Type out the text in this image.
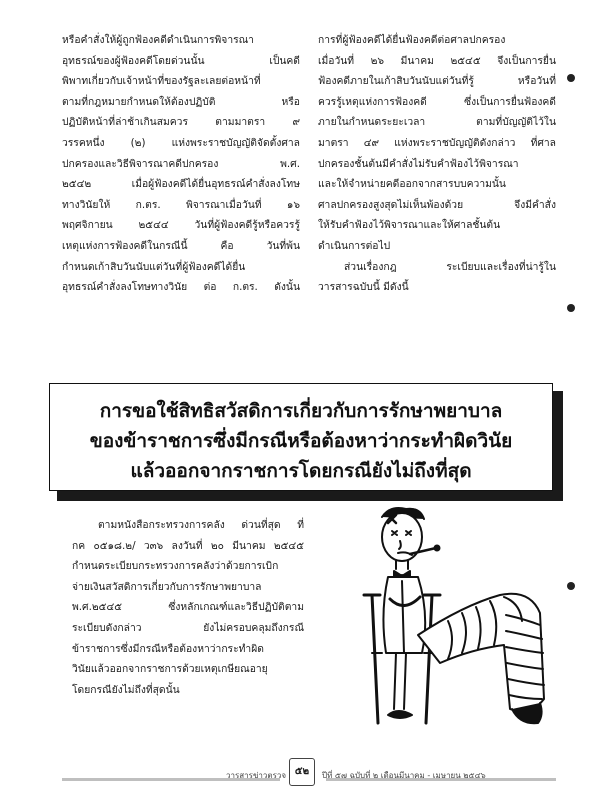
หรือคำสั่งให้ผู้ถูกฟ้องคดีดำเนินการพิจารณา

อุทธรณ์ของผู้ฟ้องคดีโดยด่วนนั้น เป็นคดี

พิพาทเกี่ยวกับเจ้าหน้าที่ของรัฐละเลยต่อหน้าที่

ตามที่กฎหมายกำหนดให้ต้องปฏิบัติ หรือ

ปฏิบัติหน้าที่ล่าช้าเกินสมควร ตามมาตรา ๙

วรรคหนึ่ง (๒) แห่งพระราชบัญญัติจัดตั้งศาล

ปกครองและวิธีพิจารณาคดีปกครอง พ.ศ.

๒๕๔๒ เมื่อผู้ฟ้องคดีได้ยื่นอุทธรณ์คำสั่งลงโทษ

ทางวินัยให้ ก.ตร. พิจารณาเมื่อวันที่ ๑๖

พฤศจิกายน ๒๕๔๔ วันที่ผู้ฟ้องคดีรู้หรือควรรู้

เหตุแห่งการฟ้องคดีในกรณีนี้ คือ วันที่พ้น

กำหนดเก้าสิบวันนับแต่วันที่ผู้ฟ้องคดีได้ยื่น

อุทธรณ์คำสั่งลงโทษทางวินัย ต่อ ก.ตร. ดังนั้น

การที่ผู้ฟ้องคดีได้ยื่นฟ้องคดีต่อศาลปกครอง

เมื่อวันที่ ๒๖ มีนาคม ๒๕๔๕ จึงเป็นการยื่น

ฟ้องคดีภายในเก้าสิบวันนับแต่วันที่รู้ หรือวันที่

ควรรู้เหตุแห่งการฟ้องคดี ซึ่งเป็นการยื่นฟ้องคดี

ภายในกำหนดระยะเวลา ตามที่บัญญัติไว้ใน

มาตรา ๔๙ แห่งพระราชบัญญัติดังกล่าว ที่ศาล

ปกครองชั้นต้นมีคำสั่งไม่รับคำฟ้องไว้พิจารณา

และให้จำหน่ายคดีออกจากสารบบความนั้น

ศาลปกครองสูงสุดไม่เห็นพ้องด้วย จึงมีคำสั่ง

ให้รับคำฟ้องไว้พิจารณาและให้ศาลชั้นต้น

ดำเนินการต่อไป

ส่วนเรื่องกฎ ระเบียบและเรื่องที่น่ารู้ใน

วารสารฉบับนี้ มีดังนี้

การขอใช้สิทธิสวัสดิการเกี่ยวกับการรักษาพยาบาล
ของข้าราชการซึ่งมีกรณีหรือต้องหาว่ากระทำผิดวินัย
แล้วออกจากราชการโดยกรณียังไม่ถึงที่สุด

ตามหนังสือกระทรวงการคลัง ด่วนที่สุด ที่

กค ๐๕๑๘.๒/ ว๓๖ ลงวันที่ ๒๐ มีนาคม ๒๕๔๕

กำหนดระเบียบกระทรวงการคลังว่าด้วยการเบิก

จ่ายเงินสวัสดิการเกี่ยวกับการรักษาพยาบาล

พ.ศ.๒๕๔๕ ซึ่งหลักเกณฑ์และวิธีปฏิบัติตาม

ระเบียบดังกล่าว ยังไม่ครอบคลุมถึงกรณี

ข้าราชการซึ่งมีกรณีหรือต้องหาว่ากระทำผิด

วินัยแล้วออกจากราชการด้วยเหตุเกษียณอายุ

โดยกรณียังไม่ถึงที่สุดนั้น

วารสารข่าวตรวจ ๕๒	ปีที่ ๕๗ ฉบับที่ ๒ เดือนมีนาคม - เมษายน ๒๕๔๖
